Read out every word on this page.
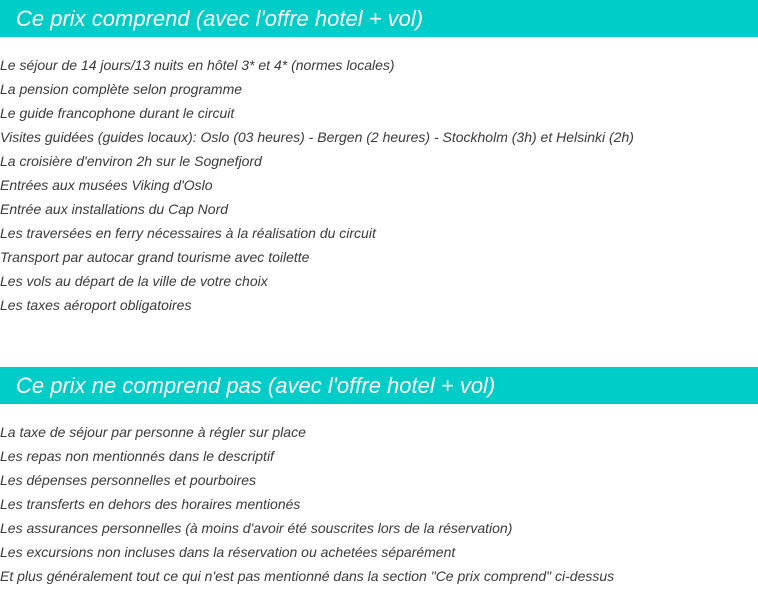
Ce prix comprend (avec l'offre hotel + vol)
Le séjour de 14 jours/13 nuits en hôtel 3* et 4* (normes locales)
La pension complète selon programme
Le guide francophone durant le circuit
Visites guidées (guides locaux): Oslo (03 heures) - Bergen (2 heures) - Stockholm (3h) et Helsinki (2h)
La croisière d'environ 2h sur le Sognefjord
Entrées aux musées Viking d'Oslo
Entrée aux installations du Cap Nord
Les traversées en ferry nécessaires à la réalisation du circuit
Transport par autocar grand tourisme avec toilette
Les vols au départ de la ville de votre choix
Les taxes aéroport obligatoires
Ce prix ne comprend pas (avec l'offre hotel + vol)
La taxe de séjour par personne à régler sur place
Les repas non mentionnés dans le descriptif
Les dépenses personnelles et pourboires
Les transferts en dehors des horaires mentionés
Les assurances personnelles (à moins d'avoir été souscrites lors de la réservation)
Les excursions non incluses dans la réservation ou achetées séparément
Et plus généralement tout ce qui n'est pas mentionné dans la section "Ce prix comprend" ci-dessus
